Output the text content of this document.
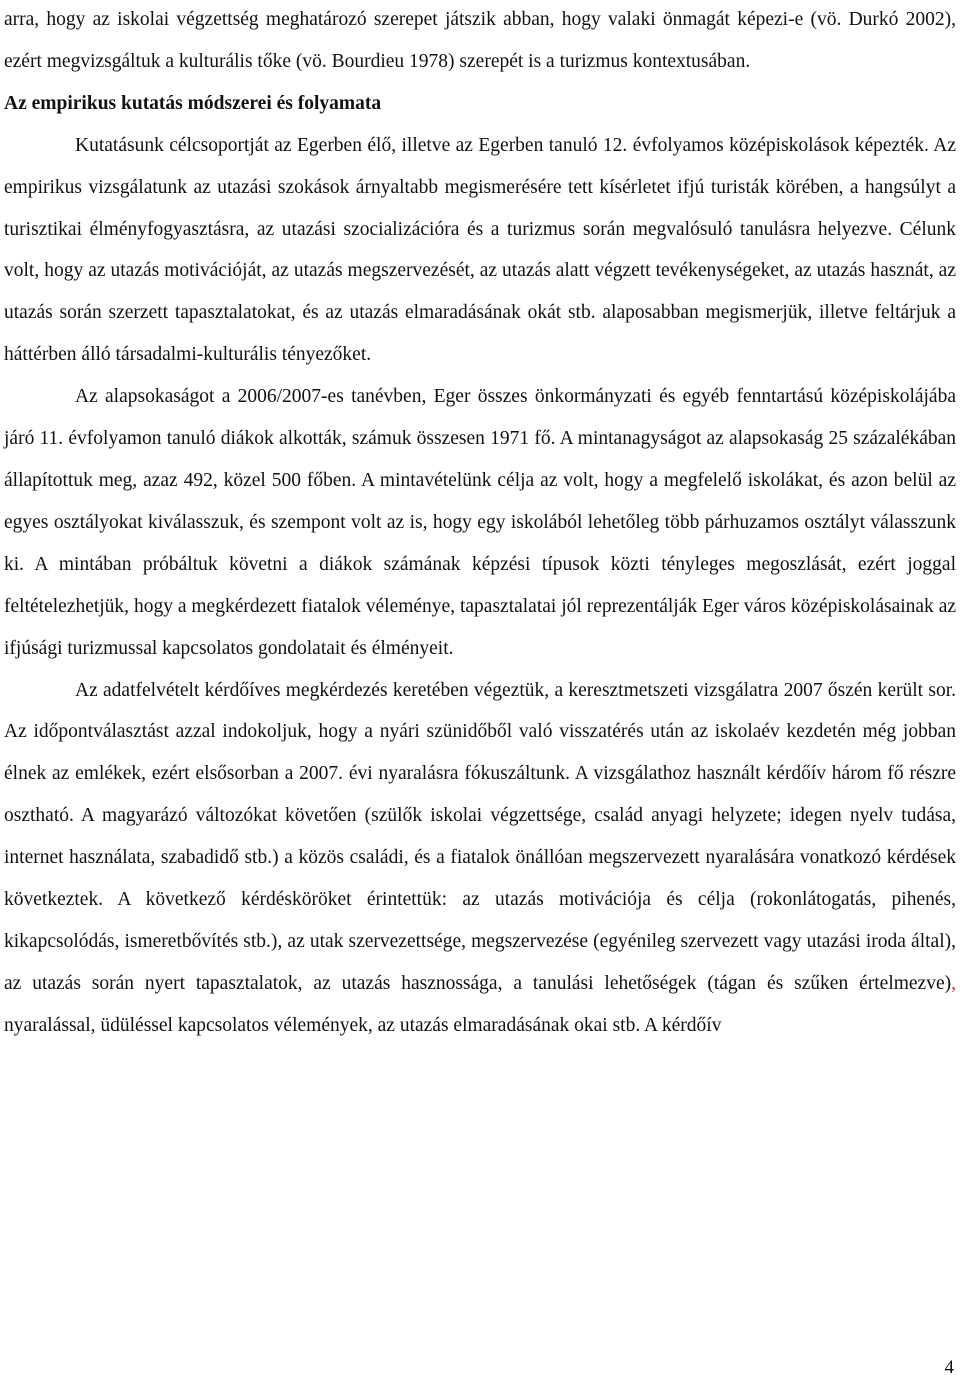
arra, hogy az iskolai végzettség meghatározó szerepet játszik abban, hogy valaki önmagát képezi-e (vö. Durkó 2002), ezért megvizsgáltuk a kulturális tőke (vö. Bourdieu 1978) szerepét is a turizmus kontextusában.

Az empirikus kutatás módszerei és folyamata

Kutatásunk célcsoportját az Egerben élő, illetve az Egerben tanuló 12. évfolyamos középiskolások képezték. Az empirikus vizsgálatunk az utazási szokások árnyaltabb megismerésére tett kísérletet ifjú turisták körében, a hangsúlyt a turisztikai élményfogyasztásra, az utazási szocializációra és a turizmus során megvalósuló tanulásra helyezve. Célunk volt, hogy az utazás motivációját, az utazás megszervezését, az utazás alatt végzett tevékenységeket, az utazás hasznát, az utazás során szerzett tapasztalatokat, és az utazás elmaradásának okát stb. alaposabban megismerjük, illetve feltárjuk a háttérben álló társadalmi-kulturális tényezőket.

Az alapsokaságot a 2006/2007-es tanévben, Eger összes önkormányzati és egyéb fenntartású középiskolájába járó 11. évfolyamon tanuló diákok alkották, számuk összesen 1971 fő. A mintanagyságot az alapsokaság 25 százalékában állapítottuk meg, azaz 492, közel 500 főben. A mintavételünk célja az volt, hogy a megfelelő iskolákat, és azon belül az egyes osztályokat kiválasszuk, és szempont volt az is, hogy egy iskolából lehetőleg több párhuzamos osztályt válasszunk ki. A mintában próbáltuk követni a diákok számának képzési típusok közti tényleges megoszlását, ezért joggal feltételezhetjük, hogy a megkérdezett fiatalok véleménye, tapasztalatai jól reprezentálják Eger város középiskolásainak az ifjúsági turizmussal kapcsolatos gondolatait és élményeit.

Az adatfelvételt kérdőíves megkérdezés keretében végeztük, a keresztmetszeti vizsgálatra 2007 őszén került sor. Az időpontválasztást azzal indokoljuk, hogy a nyári szünidőből való visszatérés után az iskolaév kezdetén még jobban élnek az emlékek, ezért elsősorban a 2007. évi nyaralásra fókuszáltunk. A vizsgálathoz használt kérdőív három fő részre osztható. A magyarázó változókat követően (szülők iskolai végzettsége, család anyagi helyzete; idegen nyelv tudása, internet használata, szabadidő stb.) a közös családi, és a fiatalok önállóan megszervezett nyaralására vonatkozó kérdések következtek. A következő kérdésköröket érintettük: az utazás motivációja és célja (rokonlátogatás, pihenés, kikapcsolódás, ismeretbővítés stb.), az utak szervezettsége, megszervezése (egyénileg szervezett vagy utazási iroda által), az utazás során nyert tapasztalatok, az utazás hasznossága, a tanulási lehetőségek (tágan és szűken értelmezve), nyaralással, üdüléssel kapcsolatos vélemények, az utazás elmaradásának okai stb. A kérdőív

4
